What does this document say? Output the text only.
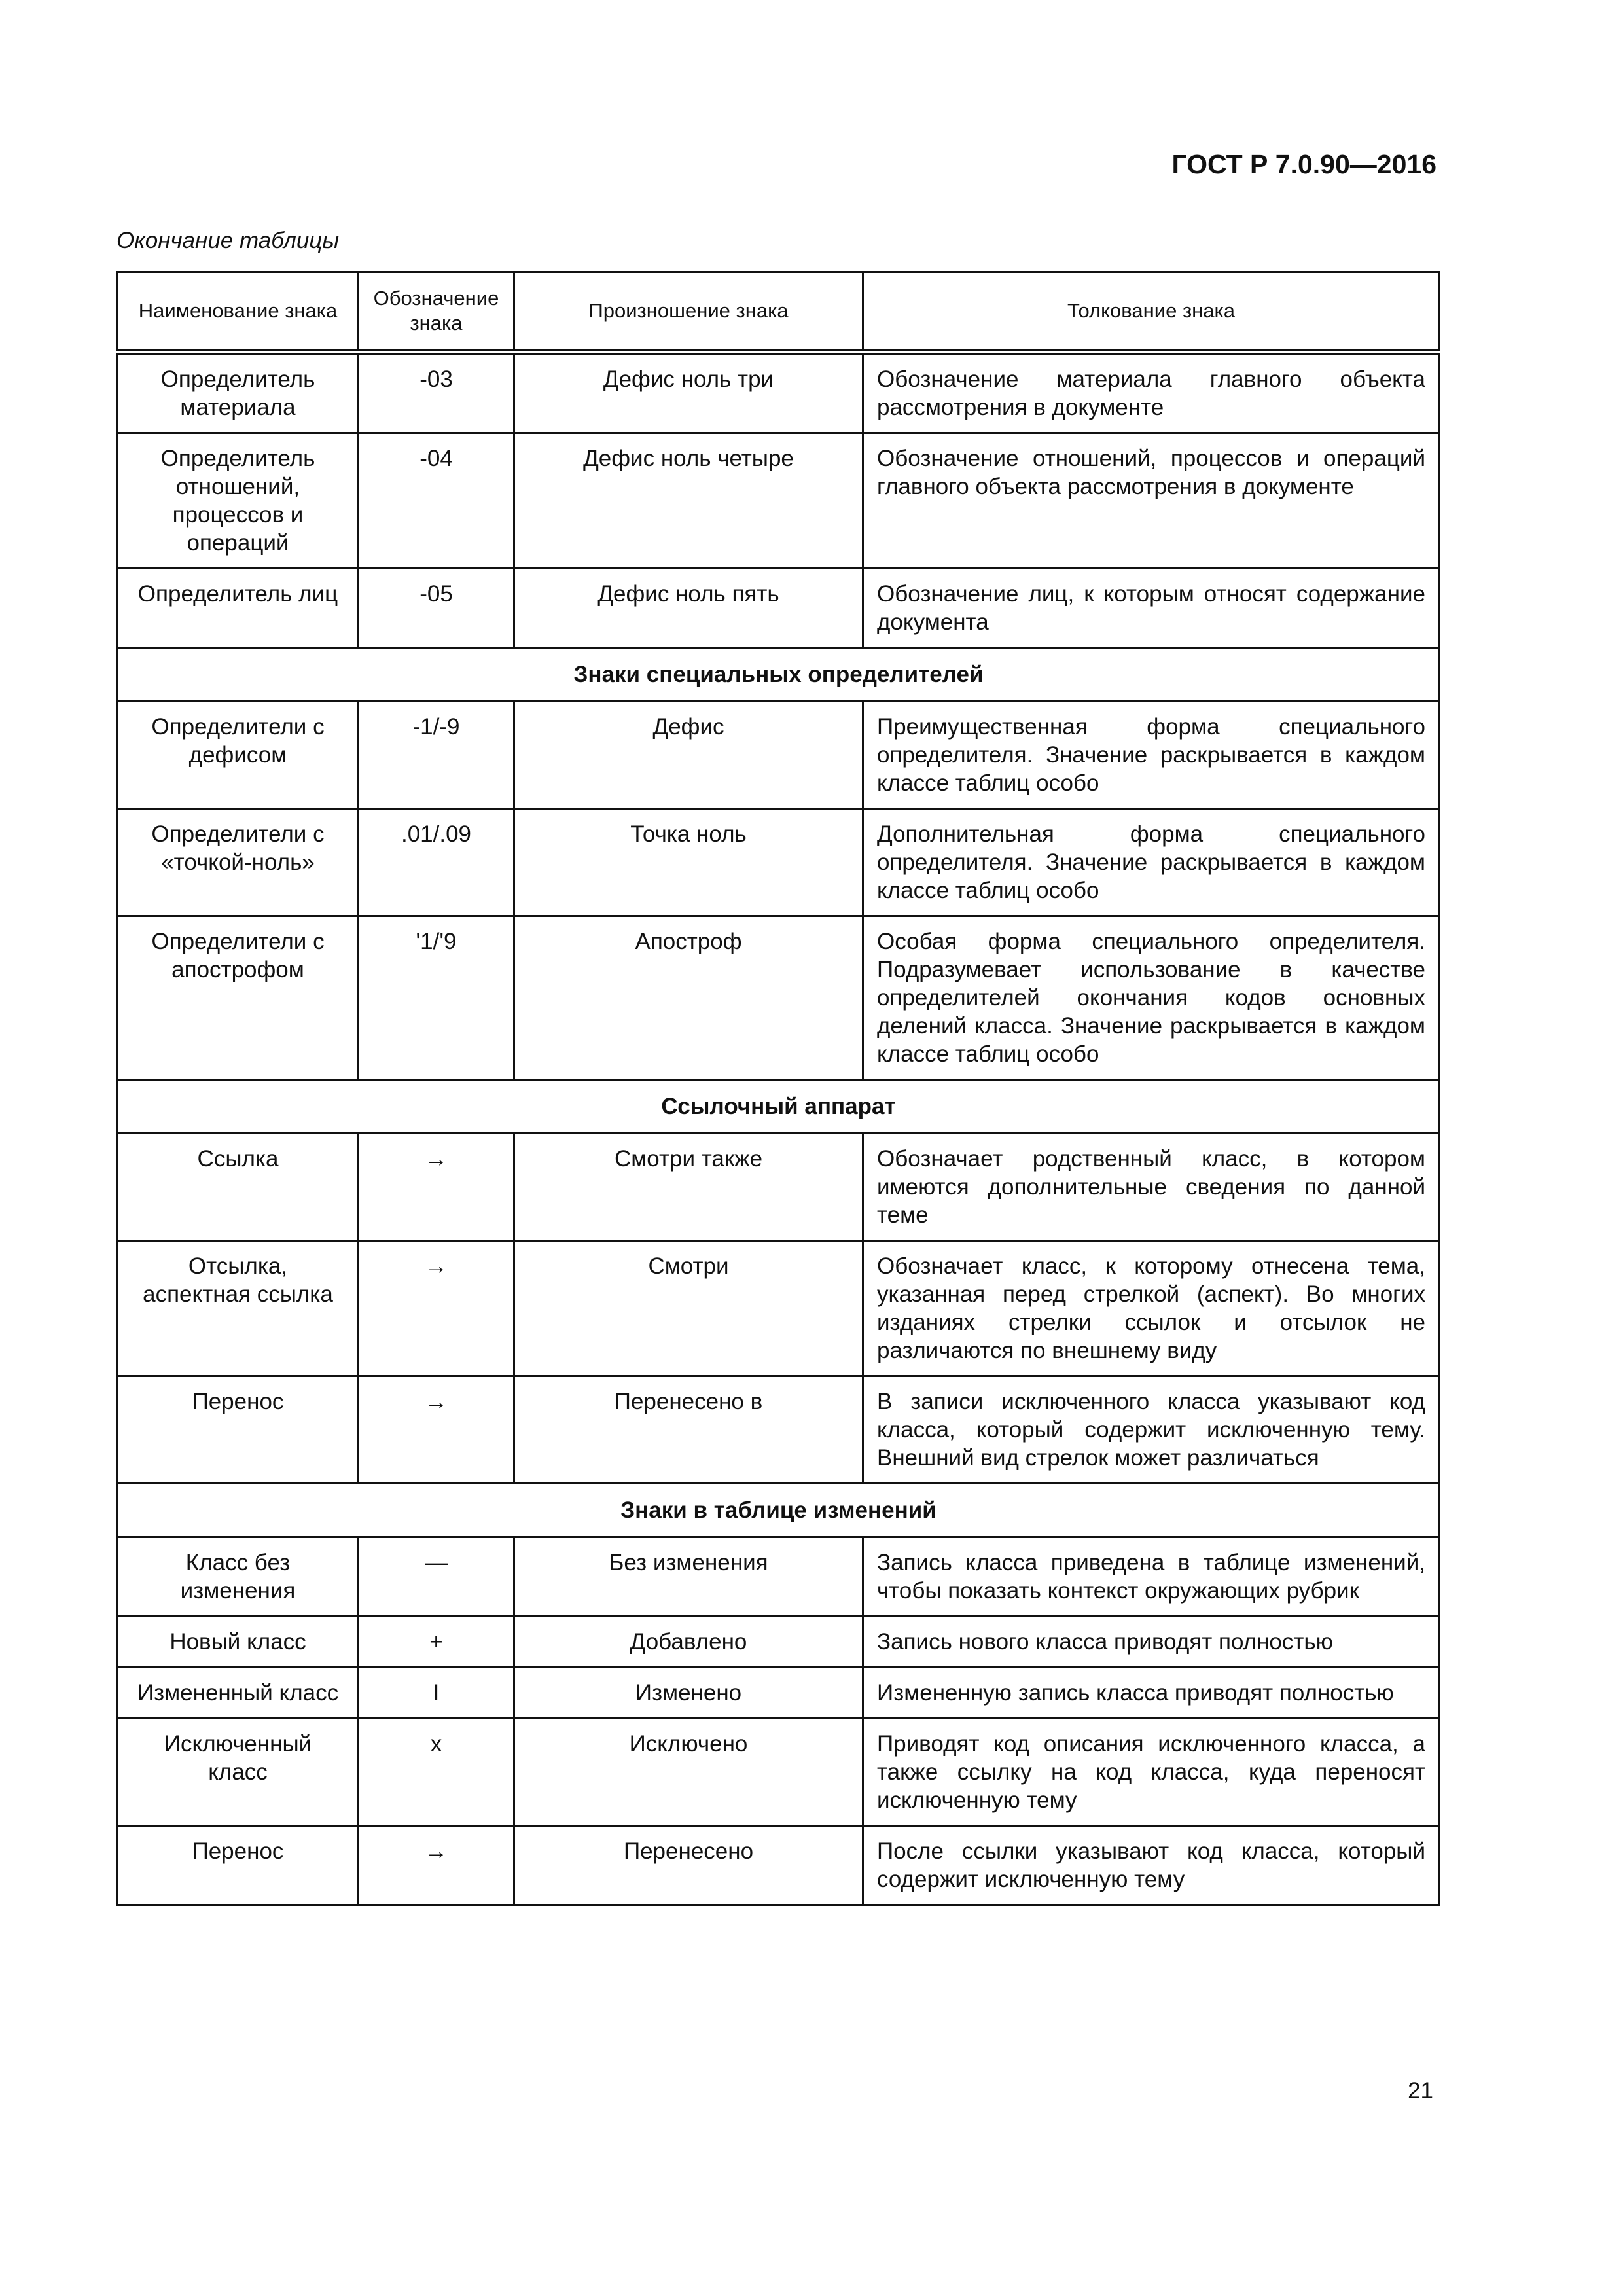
ГОСТ Р 7.0.90—2016
Окончание таблицы
Наименование знака	Обозначение знака	Произношение знака	Толкование знака
Определитель материала	-03	Дефис ноль три	Обозначение материала главного объекта рассмотрения в документе
Определитель отношений, процессов и операций	-04	Дефис ноль четыре	Обозначение отношений, процессов и операций главного объекта рассмотрения в документе
Определитель лиц	-05	Дефис ноль пять	Обозначение лиц, к которым относят содержание документа
Знаки специальных определителей			
Определители с дефисом	-1/-9	Дефис	Преимущественная форма специального определителя. Значение раскрывается в каждом классе таблиц особо
Определители с «точкой-ноль»	.01/.09	Точка ноль	Дополнительная форма специального определителя. Значение раскрывается в каждом классе таблиц особо
Определители с апострофом	'1/'9	Апостроф	Особая форма специального определителя. Подразумевает использование в качестве определителей окончания кодов основных делений класса. Значение раскрывается в каждом классе таблиц особо
Ссылочный аппарат			
Ссылка	→	Смотри также	Обозначает родственный класс, в котором имеются дополнительные сведения по данной теме
Отсылка, аспектная ссылка	→	Смотри	Обозначает класс, к которому отнесена тема, указанная перед стрелкой (аспект). Во многих изданиях стрелки ссылок и отсылок не различаются по внешнему виду
Перенос	→	Перенесено в	В записи исключенного класса указывают код класса, который содержит исключенную тему. Внешний вид стрелок может различаться
Знаки в таблице изменений			
Класс без изменения	—	Без изменения	Запись класса приведена в таблице изменений, чтобы показать контекст окружающих рубрик
Новый класс	+	Добавлено	Запись нового класса приводят полностью
Измененный класс	I	Изменено	Измененную запись класса приводят полностью
Исключенный класс	x	Исключено	Приводят код описания исключенного класса, а также ссылку на код класса, куда переносят исключенную тему
Перенос	→	Перенесено	После ссылки указывают код класса, который содержит исключенную тему
21
